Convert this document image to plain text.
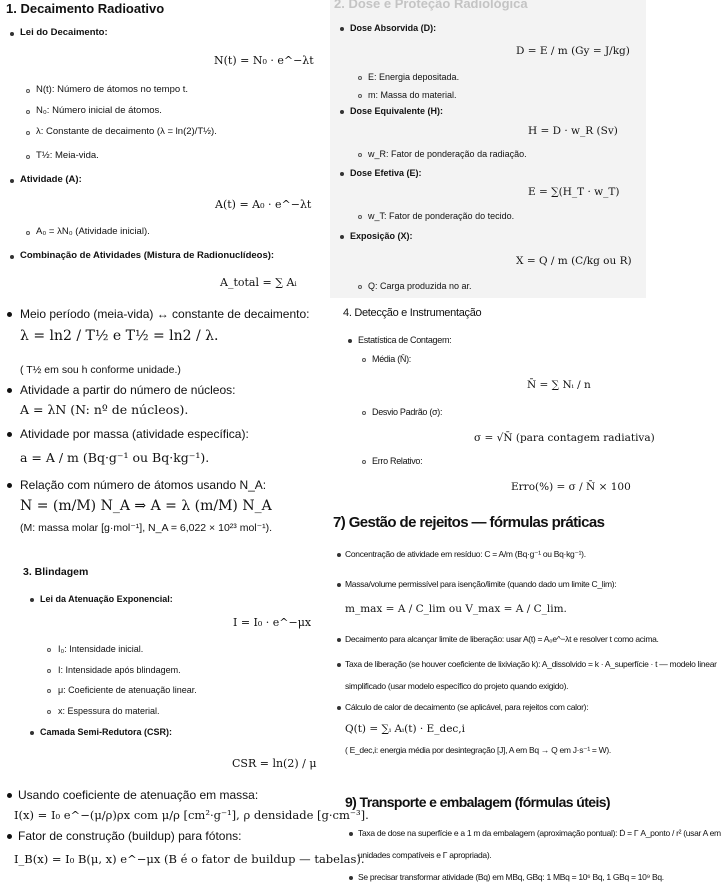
1. Decaimento Radioativo
Lei do Decaimento:
N(t) = N₀ · e^−λt
N(t): Número de átomos no tempo t.
N₀: Número inicial de átomos.
λ: Constante de decaimento (λ = ln(2)/T½).
T½: Meia-vida.
Atividade (A):
A(t) = A₀ · e^−λt
A₀ = λN₀ (Atividade inicial).
Combinação de Atividades (Mistura de Radionuclídeos):
A_total = ∑ Aᵢ
2. Dose e Proteção Radiológica
Dose Absorvida (D):
D = E / m (Gy = J/kg)
E: Energia depositada.
m: Massa do material.
Dose Equivalente (H):
H = D · w_R (Sv)
w_R: Fator de ponderação da radiação.
Dose Efetiva (E):
E = ∑(H_T · w_T)
w_T: Fator de ponderação do tecido.
Exposição (X):
X = Q / m (C/kg ou R)
Q: Carga produzida no ar.
Meio período (meia-vida) ↔ constante de decaimento:
λ = ln2 / T½ e T½ = ln2 / λ.
( T½ em sou h conforme unidade.)
Atividade a partir do número de núcleos:
A = λN (N: nº de núcleos).
Atividade por massa (atividade específica):
a = A / m (Bq·g⁻¹ ou Bq·kg⁻¹).
Relação com número de átomos usando N_A:
N = (m/M) N_A ⇒ A = λ (m/M) N_A
(M: massa molar [g·mol⁻¹], N_A = 6,022 × 10²³ mol⁻¹).
4. Detecção e Instrumentação
Estatística de Contagem:
Média (N̄):
N̄ = ∑ Nᵢ / n
Desvio Padrão (σ):
σ = √N̄ (para contagem radiativa)
Erro Relativo:
Erro(%) = σ / N̄ × 100
3. Blindagem
Lei da Atenuação Exponencial:
I = I₀ · e^−μx
I₀: Intensidade inicial.
I: Intensidade após blindagem.
μ: Coeficiente de atenuação linear.
x: Espessura do material.
Camada Semi-Redutora (CSR):
CSR = ln(2) / μ
Usando coeficiente de atenuação em massa:
I(x) = I₀ e^−(μ/ρ)ρx com μ/ρ [cm²·g⁻¹], ρ densidade [g·cm⁻³].
Fator de construção (buildup) para fótons:
I_B(x) = I₀ B(μ, x) e^−μx (B é o fator de buildup — tabelas).
7) Gestão de rejeitos — fórmulas práticas
Concentração de atividade em resíduo: C = A/m (Bq·g⁻¹ ou Bq·kg⁻¹).
Massa/volume permissível para isenção/limite (quando dado um limite C_lim):
m_max = A / C_lim ou V_max = A / C_lim.
Decaimento para alcançar limite de liberação: usar A(t) = A₀e^−λt e resolver t como acima.
Taxa de liberação (se houver coeficiente de lixiviação k): A_dissolvido = k · A_superfície · t — modelo linear
simplificado (usar modelo específico do projeto quando exigido).
Cálculo de calor de decaimento (se aplicável, para rejeitos com calor):
Q(t) = ∑ᵢ Aᵢ(t) · E_dec,i
( E_dec,i: energia média por desintegração [J], A em Bq → Q em J·s⁻¹ = W).
9) Transporte e embalagem (fórmulas úteis)
Taxa de dose na superfície e a 1 m da embalagem (aproximação pontual): Ḋ = Γ A_ponto / r² (usar A em
unidades compatíveis e Γ apropriada).
Se precisar transformar atividade (Bq) em MBq, GBq: 1 MBq = 10⁶ Bq, 1 GBq = 10⁹ Bq.
